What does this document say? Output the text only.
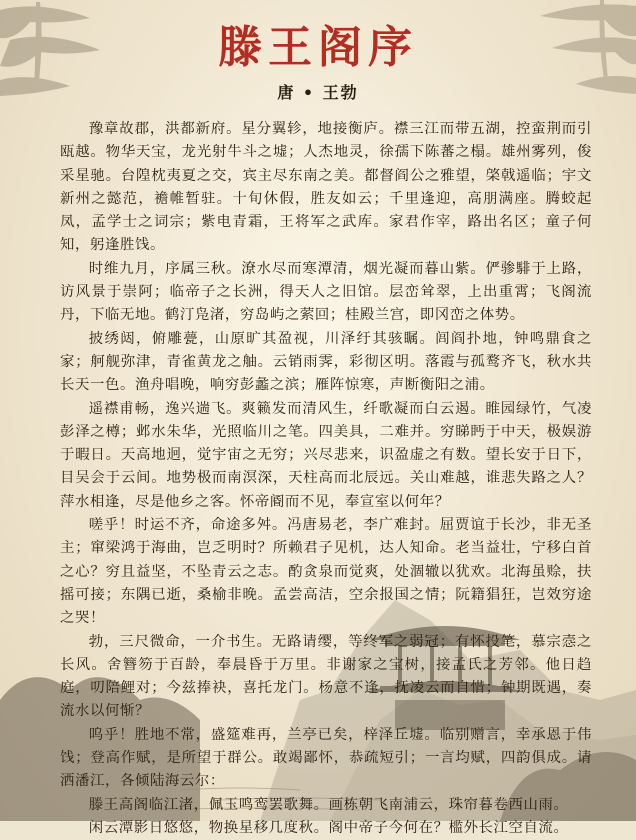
滕王阁序
唐 • 王勃

豫章故郡，洪都新府。星分翼轸，地接衡庐。襟三江而带五湖，控蛮荆而引瓯越。物华天宝，龙光射牛斗之墟；人杰地灵，徐孺下陈蕃之榻。雄州雾列，俊采星驰。台隍枕夷夏之交，宾主尽东南之美。都督阎公之雅望，棨戟遥临；宇文新州之懿范，襜帷暂驻。十旬休假，胜友如云；千里逢迎，高朋满座。腾蛟起凤，孟学士之词宗；紫电青霜，王将军之武库。家君作宰，路出名区；童子何知，躬逢胜饯。

时维九月，序属三秋。潦水尽而寒潭清，烟光凝而暮山紫。俨骖騑于上路，访风景于崇阿；临帝子之长洲，得天人之旧馆。层峦耸翠，上出重霄；飞阁流丹，下临无地。鹤汀凫渚，穷岛屿之萦回；桂殿兰宫，即冈峦之体势。

披绣闼，俯雕甍，山原旷其盈视，川泽纡其骇瞩。闾阎扑地，钟鸣鼎食之家；舸舰弥津，青雀黄龙之舳。云销雨霁，彩彻区明。落霞与孤鹜齐飞，秋水共长天一色。渔舟唱晚，响穷彭蠡之滨；雁阵惊寒，声断衡阳之浦。

遥襟甫畅，逸兴遄飞。爽籁发而清风生，纤歌凝而白云遏。睢园绿竹，气凌彭泽之樽；邺水朱华，光照临川之笔。四美具，二难并。穷睇眄于中天，极娱游于暇日。天高地迥，觉宇宙之无穷；兴尽悲来，识盈虚之有数。望长安于日下，目吴会于云间。地势极而南溟深，天柱高而北辰远。关山难越，谁悲失路之人？萍水相逢，尽是他乡之客。怀帝阍而不见，奉宣室以何年？

嗟乎！时运不齐，命途多舛。冯唐易老，李广难封。屈贾谊于长沙，非无圣主；窜梁鸿于海曲，岂乏明时？所赖君子见机，达人知命。老当益壮，宁移白首之心？穷且益坚，不坠青云之志。酌贪泉而觉爽，处涸辙以犹欢。北海虽赊，扶摇可接；东隅已逝，桑榆非晚。孟尝高洁，空余报国之情；阮籍猖狂，岂效穷途之哭！

勃，三尺微命，一介书生。无路请缨，等终军之弱冠；有怀投笔，慕宗悫之长风。舍簪笏于百龄，奉晨昏于万里。非谢家之宝树，接孟氏之芳邻。他日趋庭，叨陪鲤对；今兹捧袂，喜托龙门。杨意不逢，抚凌云而自惜；钟期既遇，奏流水以何惭？

呜乎！胜地不常，盛筵难再，兰亭已矣，梓泽丘墟。临别赠言，幸承恩于伟饯；登高作赋，是所望于群公。敢竭鄙怀，恭疏短引；一言均赋，四韵俱成。请洒潘江，各倾陆海云尔：

滕王高阁临江渚，佩玉鸣鸾罢歌舞。画栋朝飞南浦云，珠帘暮卷西山雨。

闲云潭影日悠悠，物换星移几度秋。阁中帝子今何在？槛外长江空自流。
